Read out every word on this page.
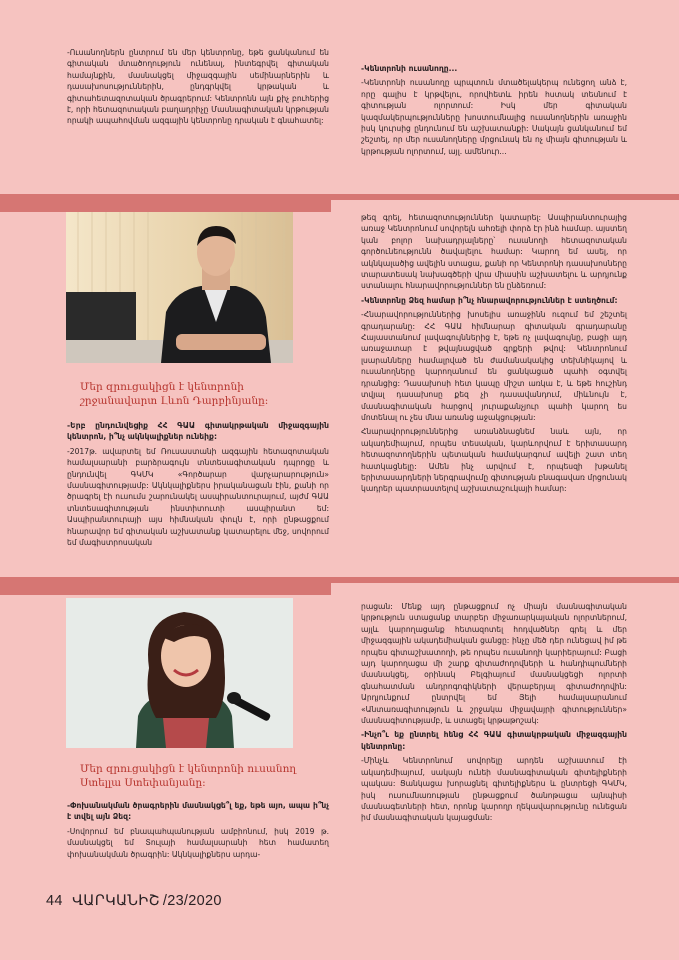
-Ուսանողներն ընտրում են մեր կենտրոնը, եթե ցանկանում են գիտական մտածողություն ունենալ, ինտեգրվել գիտական համայնքին, մասնակցել միջազգային սեմինարներին և դասախոսություններին, ընդգրկվել կրթական և գիտահետազոտական ծրագրերում: Կենտրոնն այն քիչ բուհերից է, որի հետազոտական բաղադրիչը Մասնագիտական կրթության որակի ապահովման ազգային կենտրոնը դրական է գնահատել:

-Կենտրոնի ուսանողը...

-Կենտրոնի ուսանողը պրպտուն մտածելակերպ ունեցող անձ է, որը գալիս է կրթվելու, որովհետև իրեն հստակ տեսնում է գիտության ոլորտում: Իսկ մեր գիտական կազմակերպությունները խոստումնալից ուսանողներին առաջին իսկ կուրսից ընդունում են աշխատանքի: Սակայն ցանկանում եմ շեշտել, որ մեր ուսանողները մրցունակ են ոչ միայն գիտության և կրթության ոլորտում, այլ. ամենուր...

Մեր զրուցակիցն է կենտրոնի
շրջանավարտ Լևոն Դարբինյանը:

-Երբ ընդունվեցիք ՀՀ ԳԱԱ գիտակրթական միջազգային կենտրոն, ի՞նչ ակնկալիքներ ունեիք:

-2017թ. ավարտել եմ Ռուսաստանի ազգային հետազոտական համալսարանի բարձրագույն տնտեսագիտական դպրոցը և ընդունվել ԳԿՄԿ «Գործարար վարչարարություն» մասնագիտությամբ: Ակնկալիքներս իրականացան էին, քանի որ ծրագրել էի ուսումս շարունակել ասպիրանտուրայում, այժմ ԳԱԱ տնտեսագիտության ինստիտուտի ասպիրանտ եմ: Ասպիրանտուրայի այս հիմնական փուլն է, որի ընթացքում հնարավոր եմ գիտական աշխատանք կատարելու մեջ, սովորում եմ մագիստրոսական

թեզ գրել, հետազոտություններ կատարել: Ասպիրանտուրայից առաջ Կենտրոնում սովորելն ահռելի փորձ էր ինձ համար. այստեղ կան բոլոր նախադրյալները՝ ուսանողի հետազոտական գործունեությունն ծավալելու համար: Կարող եմ ասել, որ ակնկալածից ավելին ստացա, քանի որ Կենտրոնի դասախոսները տարատեսակ նախագծերի վրա միասին աշխատելու և արդյունք ստանալու հնարավորություններ են ընձեռում:

-Կենտրոնը Ձեզ համար ի՞նչ հնարավորություններ է ստեղծում:

-Հնարավորություններից խոսելիս առաջինն ուզում եմ շեշտել գրադարանը: ՀՀ ԳԱԱ հիմնարար գիտական գրադարանը Հայաստանում լավագույններից է, եթե ոչ լավագույնը, բացի այդ առաջատար է թվայնացված գրքերի թվով: Կենտրոնում լսարանները համալրված են ժամանակակից տեխնիկայով և ուսանողները կարողանում են ցանկացած պահի օգտվել դրանցից: Դասախոսի հետ կապը միշտ առկա է, և եթե հուշինդ տվյալ դասախոսը քեզ չի դասավանդում, միևնույն է, մասնագիտական հարցով յուրաքանչյուր պահի կարող ես մոտենալ ու չես մնա առանց աջակցության:

Հնարավորություններից առանձնացնեմ նաև այն, որ ակադեմիայում, որպես տեսական, կարևորվում է երիտասարդ հետազոտողներին պետական համակարգում ավելի շատ տեղ հատկացնելը: Ամեն ինչ արվում է, որպեսզի խթանել երիտասարդների ներգրավումը գիտության բնագավառ մրցունակ կադրեր պատրաստելով աշխատաշուկայի համար:

Մեր զրուցակիցն է կենտրոնի ուսանող
Ստելլա Ստեփանյանը:

-Փոխանակման ծրագրերին մասնակցե՞լ եք, եթե այո, ապա ի՞նչ է տվել այն Ձեզ:

-Սովորում եմ բնապահպանության ամբիոնում, իսկ 2019 թ. մասնակցել եմ Տուլայի համալսարանի հետ համատեղ փոխանակման ծրագրին: Ակնկալիքներս արդա-

րացան: Մենք այդ ընթացքում ոչ միայն մասնագիտական կրթություն ստացանք տարբեր միջառարկայական ոլորտներում, այլև կարողացանք հետազոտել հոդվածներ գրել և մեր միջազգային ակադեմիական ցանցը: ինչը մեծ դեր ունեցավ իմ թե որպես գիտաշխատողի, թե որպես ուսանողի կարիերայում: Բացի այդ կարողացա մի շարք գիտաժողովների և հանդիպումների մասնակցել, օրինակ Բելգիայում մասնակցեցի ոլորտի գնահատման անդրոգոգիկների վերաբերյալ գիտաժողովին: Արդյունքում ընտրվել եմ Յելի համալսարանում «Անտառագիտություն և շրջակա միջավայրի գիտություններ» մասնագիտությամբ, և ստացել կրթաթոշակ:

-Ինչո՞ւ եք ընտրել հենց ՀՀ ԳԱԱ գիտակրթական միջազգային կենտրոնը:

-Մինչև Կենտրոնում սովորելը արդեն աշխատում էի ակադեմիայում, սակայն ունեի մասնագիտական գիտելիքների պակաս: Ցանկացա խորացնել գիտելիքներս և ընտրեցի ԳԿՄԿ, իսկ ուսումնառության ընթացքում ծանոթացա այնպիսի մասնագետների հետ, որոնք կարողր ղեկավարությունը ունեցան իմ մասնագիտական կայացման:

44 ՎԱՐԿԱՆԻՇ /23/2020
